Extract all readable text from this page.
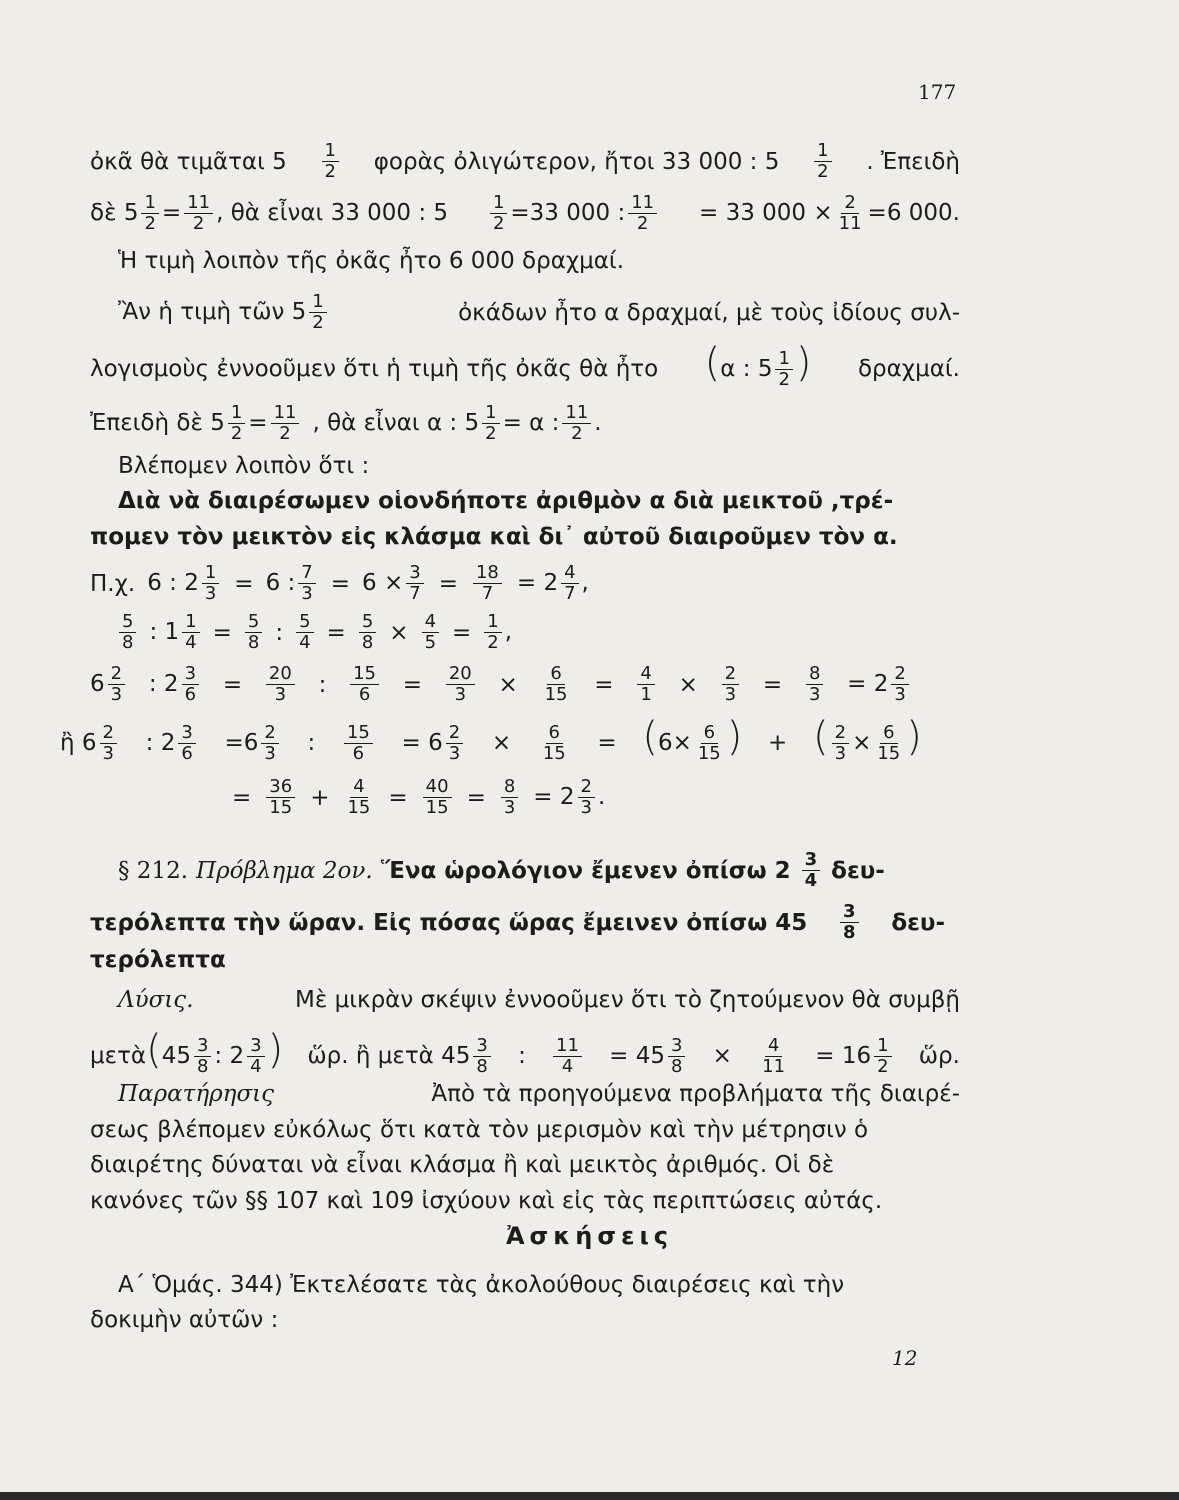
177
ὀκᾶ θὰ τιμᾶται $5 \frac{1}{2}$ φορὰς ὀλιγώτερον, ἤτοι 33 000 : $5 \frac{1}{2}$ . Ἐπειδὴ
δὲ $5 \frac{1}{2} = \frac{11}{2}$ , θὰ εἶναι 33 000 : $5 \frac{1}{2} =33$ 000 : $\frac{11}{2} = 33$ $000 \times \frac{2}{11} =6$ 000.
Ἡ τιμὴ λοιπὸν τῆς ὀκᾶς ἦτο 6 000 δραχμαί.
Ἂν ἡ τιμὴ τῶν $5 \frac{1}{2}$	ὀκάδων ἦτο α δραχμαί, μὲ τοὺς ἰδίους συλ-
λογισμοὺς ἐννοοῦμεν ὅτι ἡ τιμὴ τῆς ὀκᾶς θὰ ἦτο (α : $5 \frac{1}{2}$ ) δραχμαί.
Ἐπειδὴ δὲ $5 \frac{1}{2} = \frac{11}{2}$ , θὰ εἶναι α : $5 \frac{1}{2} = \alpha$ : $\frac{11}{2}$ .
Βλέπομεν λοιπὸν ὅτι :
Διὰ νὰ διαιρέσωμεν οἱονδήποτε ἀριθμὸν α διὰ μεικτοῦ ,τρέ-
πομεν τὸν μεικτὸν εἰς κλάσμα καὶ δι᾽ αὐτοῦ διαιροῦμεν τὸν α.
Π.χ. 6 : $2 \frac{1}{3} = 6$ : $\frac{7}{3} = 6 \times \frac{3}{7} = \frac{18}{7} = 2 \frac{4}{7}$ ,
$\frac{5}{8}$ : $1 \frac{1}{4} = \frac{5}{8}$ : $\frac{5}{4} = \frac{5}{8} \times \frac{4}{5} = \frac{1}{2}$ ,
$6 \frac{2}{3}$ : $2 \frac{3}{6} = \frac{20}{3}$ : $\frac{15}{6} = \frac{20}{3} \times \frac{6}{15} = \frac{4}{1} \times \frac{2}{3} = \frac{8}{3} = 2 \frac{2}{3}$
ἢ $6 \frac{2}{3}$ : $2 \frac{3}{6} =6 \frac{2}{3}$ : $\frac{15}{6} = 6 \frac{2}{3} \times \frac{6}{15} = (6\times \frac{6}{15}$ ) + ( $\frac{2}{3} \times \frac{6}{15}$ )
= $\frac{36}{15} + \frac{4}{15} = \frac{40}{15} = \frac{8}{3} = 2 \frac{2}{3}$ .
§ 212. Πρόβλημα 2ον. Ἕνα ὡρολόγιον ἔμενεν ὀπίσω $2 \frac{3}{4} \delta\varepsilon\upsilon-$
τερόλεπτα τὴν ὥραν. Εἰς πόσας ὥρας ἔμεινεν ὀπίσω $45 \frac{3}{8} \delta\varepsilon\upsilon-$
τερόλεπτα
Λύσις.	Μὲ μικρὰν σκέψιν ἐννοοῦμεν ὅτι τὸ ζητούμενον θὰ συμβῇ
μετὰ(45 $\frac{3}{8}$ : $2 \frac{3}{4}$ ) ὥρ. ἢ μετὰ $45 \frac{3}{8}$ : $\frac{11}{4} = 45 \frac{3}{8} \times \frac{4}{11} = 16 \frac{1}{2}$ ὥρ.
Παρατήρησις	Ἀπὸ τὰ προηγούμενα προβλήματα τῆς διαιρέ-
σεως βλέπομεν εὐκόλως ὅτι κατὰ τὸν μερισμὸν καὶ τὴν μέτρησιν ὁ
διαιρέτης δύναται νὰ εἶναι κλάσμα ἢ καὶ μεικτὸς ἀριθμός. Οἱ δὲ
κανόνες τῶν §§ 107 καὶ 109 ἰσχύουν καὶ εἰς τὰς περιπτώσεις αὐτάς.
Ἀσκήσεις
Α΄ Ὁμάς. 344) Ἐκτελέσατε τὰς ἀκολούθους διαιρέσεις καὶ τὴν
δοκιμὴν αὐτῶν :
12
